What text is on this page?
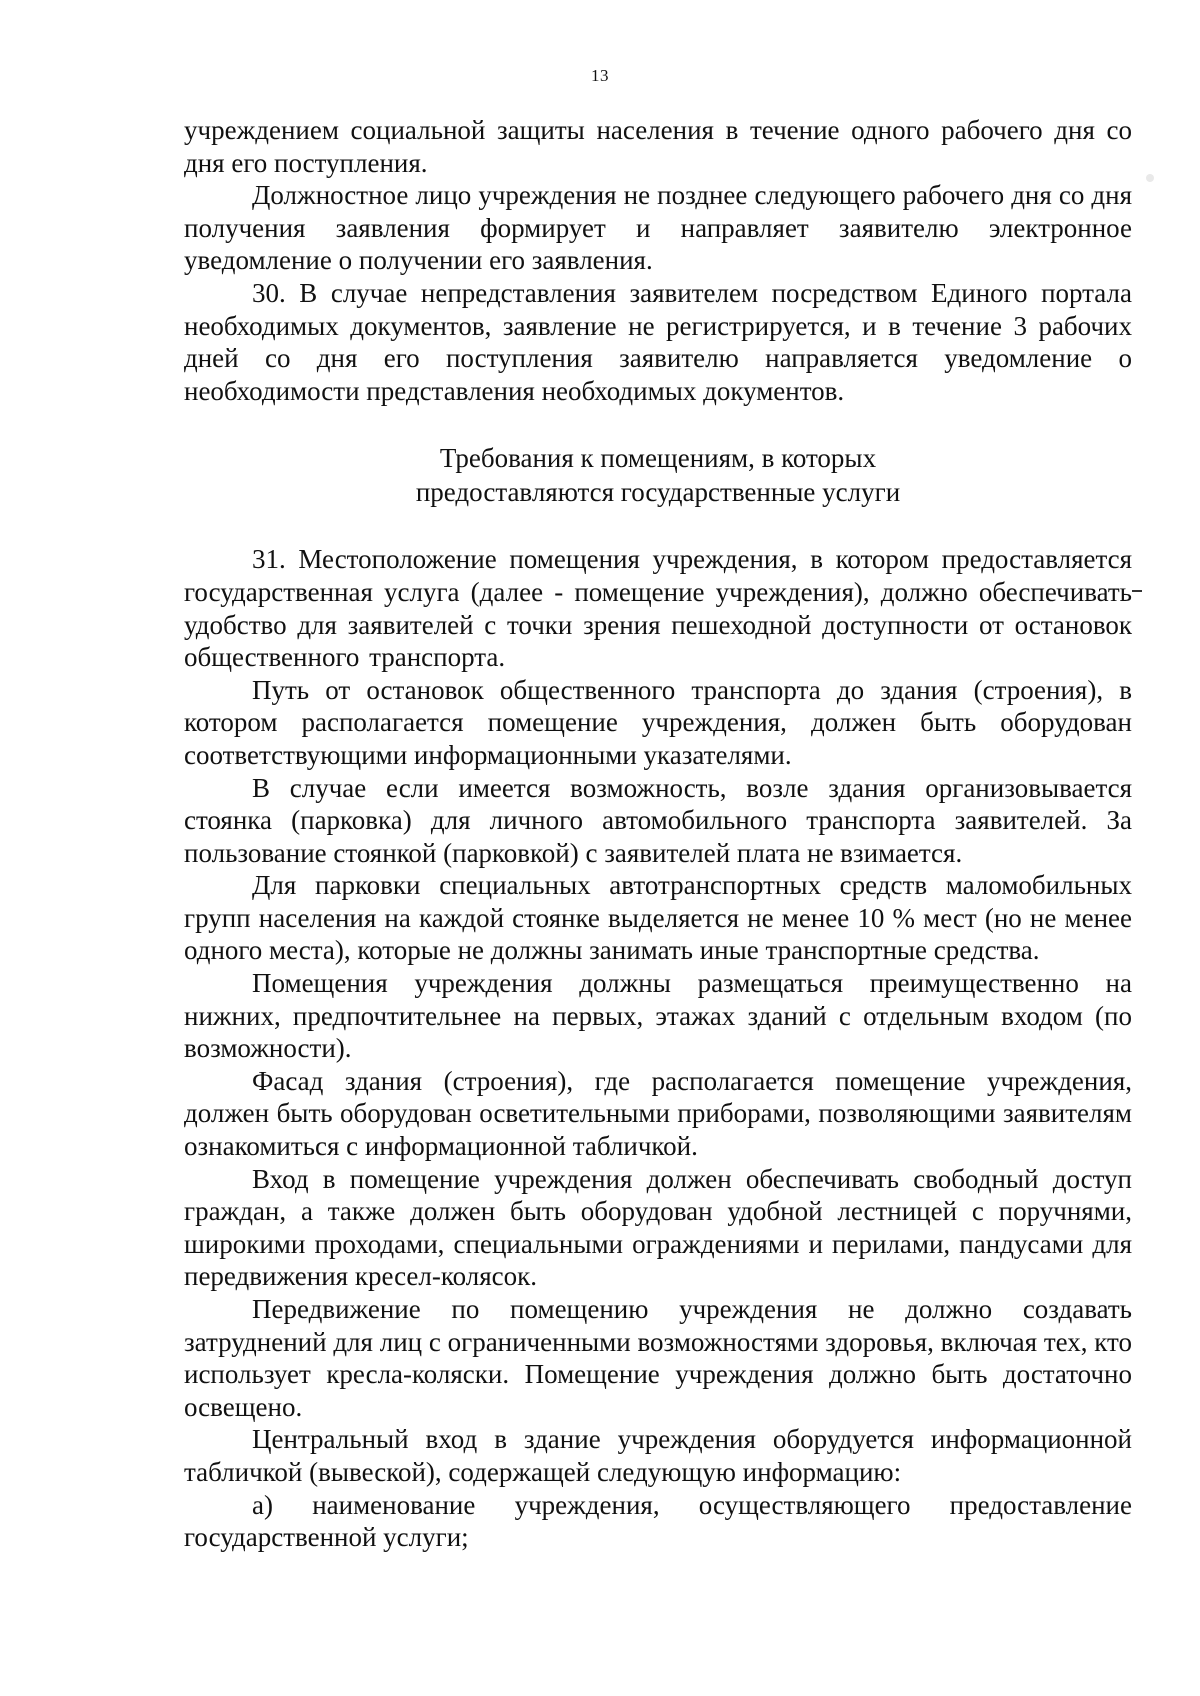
13

учреждением социальной защиты населения в течение одного рабочего дня со дня его поступления.

Должностное лицо учреждения не позднее следующего рабочего дня со дня получения заявления формирует и направляет заявителю электронное уведомление о получении его заявления.

30. В случае непредставления заявителем посредством Единого портала необходимых документов, заявление не регистрируется, и в течение 3 рабочих дней со дня его поступления заявителю направляется уведомление о необходимости представления необходимых документов.

Требования к помещениям, в которых
предоставляются государственные услуги

31. Местоположение помещения учреждения, в котором предоставляется государственная услуга (далее - помещение учреждения), должно обеспечивать удобство для заявителей с точки зрения пешеходной доступности от остановок общественного транспорта.

Путь от остановок общественного транспорта до здания (строения), в котором располагается помещение учреждения, должен быть оборудован соответствующими информационными указателями.

В случае если имеется возможность, возле здания организовывается стоянка (парковка) для личного автомобильного транспорта заявителей. За пользование стоянкой (парковкой) с заявителей плата не взимается.

Для парковки специальных автотранспортных средств маломобильных групп населения на каждой стоянке выделяется не менее 10 % мест (но не менее одного места), которые не должны занимать иные транспортные средства.

Помещения учреждения должны размещаться преимущественно на нижних, предпочтительнее на первых, этажах зданий с отдельным входом (по возможности).

Фасад здания (строения), где располагается помещение учреждения, должен быть оборудован осветительными приборами, позволяющими заявителям ознакомиться с информационной табличкой.

Вход в помещение учреждения должен обеспечивать свободный доступ граждан, а также должен быть оборудован удобной лестницей с поручнями, широкими проходами, специальными ограждениями и перилами, пандусами для передвижения кресел-колясок.

Передвижение по помещению учреждения не должно создавать затруднений для лиц с ограниченными возможностями здоровья, включая тех, кто использует кресла-коляски. Помещение учреждения должно быть достаточно освещено.

Центральный вход в здание учреждения оборудуется информационной табличкой (вывеской), содержащей следующую информацию:

а) наименование учреждения, осуществляющего предоставление государственной услуги;
